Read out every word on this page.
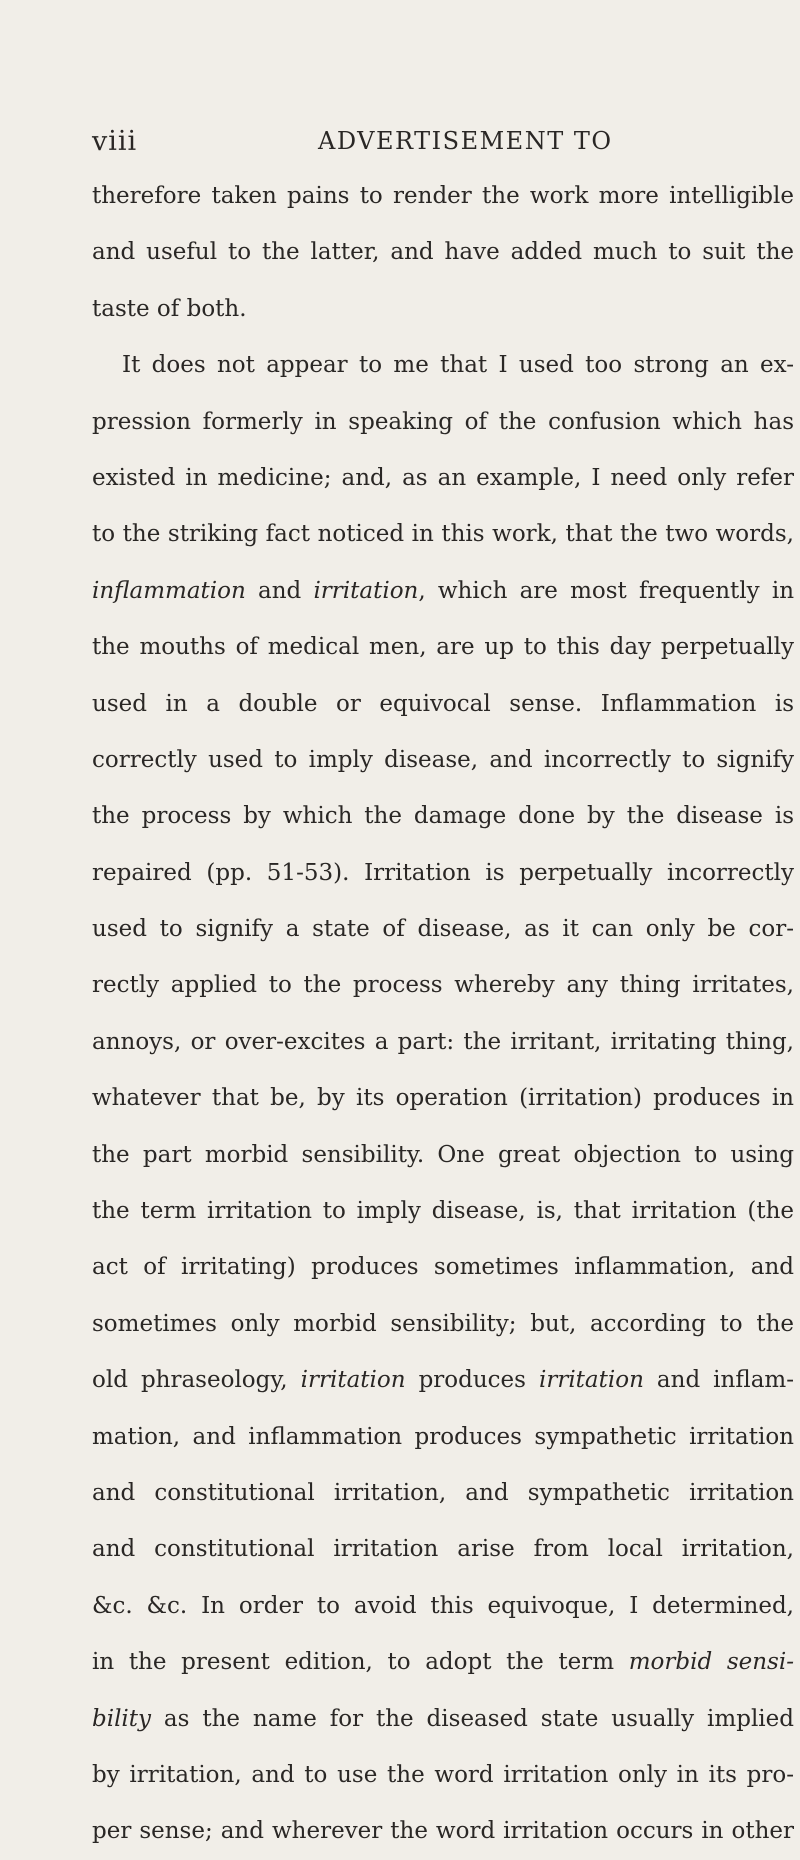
viii	ADVERTISEMENT TO
therefore taken pains to render the work more intelligible
and useful to the latter, and have added much to suit the
taste of both.
It does not appear to me that I used too strong an ex-
pression formerly in speaking of the confusion which has
existed in medicine; and, as an example, I need only refer
to the striking fact noticed in this work, that the two words,
inflammation and irritation, which are most frequently in
the mouths of medical men, are up to this day perpetually
used in a double or equivocal sense. Inflammation is
correctly used to imply disease, and incorrectly to signify
the process by which the damage done by the disease is
repaired (pp. 51-53). Irritation is perpetually incorrectly
used to signify a state of disease, as it can only be cor-
rectly applied to the process whereby any thing irritates,
annoys, or over-excites a part: the irritant, irritating thing,
whatever that be, by its operation (irritation) produces in
the part morbid sensibility. One great objection to using
the term irritation to imply disease, is, that irritation (the
act of irritating) produces sometimes inflammation, and
sometimes only morbid sensibility; but, according to the
old phraseology, irritation produces irritation and inflam-
mation, and inflammation produces sympathetic irritation
and constitutional irritation, and sympathetic irritation
and constitutional irritation arise from local irritation,
&c. &c. In order to avoid this equivoque, I determined,
in the present edition, to adopt the term morbid sensi-
bility as the name for the diseased state usually implied
by irritation, and to use the word irritation only in its pro-
per sense; and wherever the word irritation occurs in other
